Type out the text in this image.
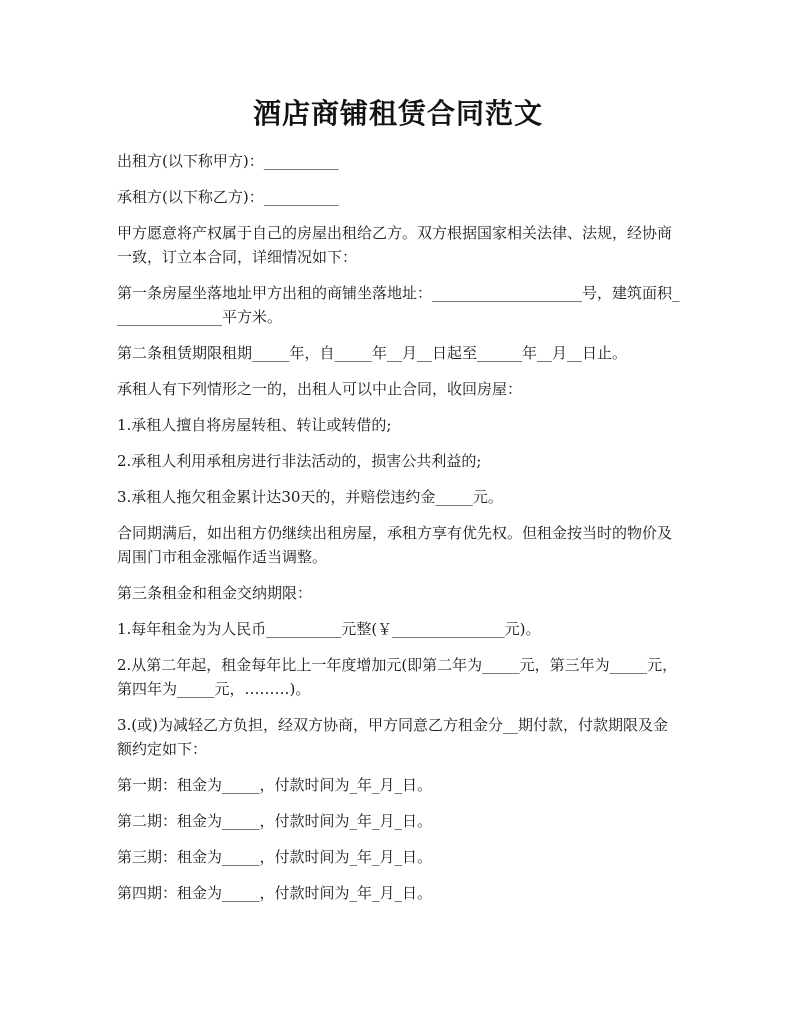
酒店商铺租赁合同范文

出租方(以下称甲方)：__________

承租方(以下称乙方)：__________

甲方愿意将产权属于自己的房屋出租给乙方。双方根据国家相关法律、法规，经协商一致，订立本合同，详细情况如下：

第一条房屋坐落地址甲方出租的商铺坐落地址：____________________号，建筑面积_______________平方米。

第二条租赁期限租期_____年，自_____年__月__日起至______年__月__日止。

承租人有下列情形之一的，出租人可以中止合同，收回房屋：

1.承租人擅自将房屋转租、转让或转借的;

2.承租人利用承租房进行非法活动的，损害公共利益的;

3.承租人拖欠租金累计达30天的，并赔偿违约金_____元。

合同期满后，如出租方仍继续出租房屋，承租方享有优先权。但租金按当时的物价及周围门市租金涨幅作适当调整。

第三条租金和租金交纳期限：

1.每年租金为为人民币__________元整(￥_______________元)。

2.从第二年起，租金每年比上一年度增加元(即第二年为_____元，第三年为_____元，第四年为_____元，………)。

3.(或)为减轻乙方负担，经双方协商，甲方同意乙方租金分__期付款，付款期限及金额约定如下：

第一期：租金为_____，付款时间为_年_月_日。

第二期：租金为_____，付款时间为_年_月_日。

第三期：租金为_____，付款时间为_年_月_日。

第四期：租金为_____，付款时间为_年_月_日。
